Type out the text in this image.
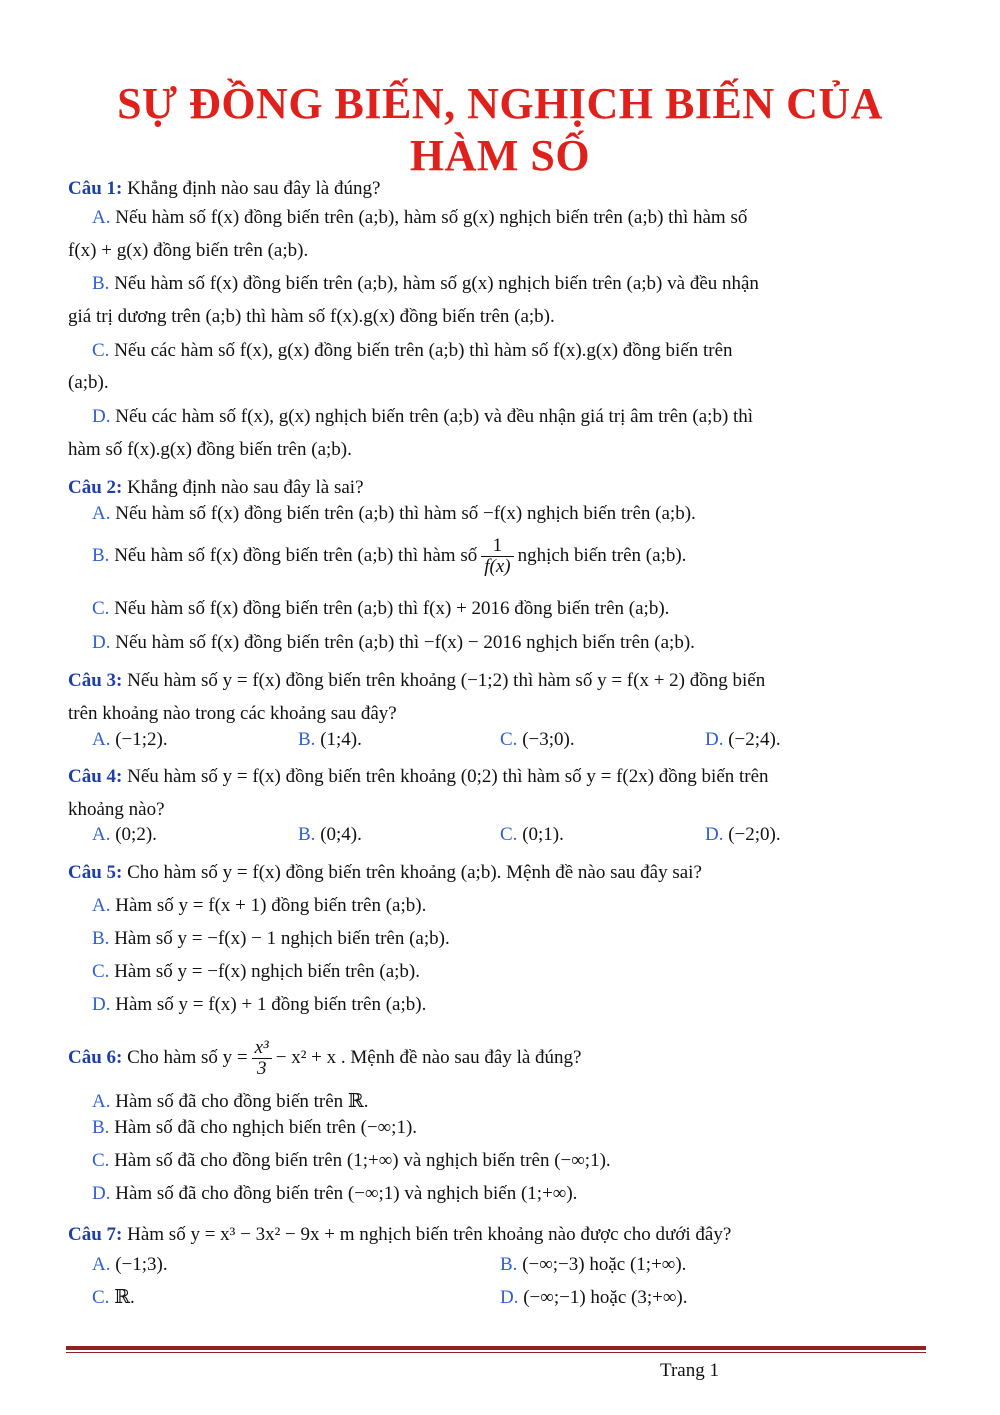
SỰ ĐỒNG BIẾN, NGHỊCH BIẾN CỦA
HÀM SỐ
Câu 1: Khẳng định nào sau đây là đúng?
A. Nếu hàm số f(x) đồng biến trên (a;b), hàm số g(x) nghịch biến trên (a;b) thì hàm số
f(x) + g(x) đồng biến trên (a;b).
B. Nếu hàm số f(x) đồng biến trên (a;b), hàm số g(x) nghịch biến trên (a;b) và đều nhận
giá trị dương trên (a;b) thì hàm số f(x).g(x) đồng biến trên (a;b).
C. Nếu các hàm số f(x), g(x) đồng biến trên (a;b) thì hàm số f(x).g(x) đồng biến trên
(a;b).
D. Nếu các hàm số f(x), g(x) nghịch biến trên (a;b) và đều nhận giá trị âm trên (a;b) thì
hàm số f(x).g(x) đồng biến trên (a;b).
Câu 2: Khẳng định nào sau đây là sai?
A. Nếu hàm số f(x) đồng biến trên (a;b) thì hàm số −f(x) nghịch biến trên (a;b).
B. Nếu hàm số f(x) đồng biến trên (a;b) thì hàm số $\frac{1}{f(x)}$ nghịch biến trên (a;b).
C. Nếu hàm số f(x) đồng biến trên (a;b) thì f(x) + 2016 đồng biến trên (a;b).
D. Nếu hàm số f(x) đồng biến trên (a;b) thì −f(x) − 2016 nghịch biến trên (a;b).
Câu 3: Nếu hàm số y = f(x) đồng biến trên khoảng (−1;2) thì hàm số y = f(x + 2) đồng biến
trên khoảng nào trong các khoảng sau đây?
A. (−1;2).	B. (1;4).	C. (−3;0).	D. (−2;4).
Câu 4: Nếu hàm số y = f(x) đồng biến trên khoảng (0;2) thì hàm số y = f(2x) đồng biến trên
khoảng nào?
A. (0;2).	B. (0;4).	C. (0;1).	D. (−2;0).
Câu 5: Cho hàm số y = f(x) đồng biến trên khoảng (a;b). Mệnh đề nào sau đây sai?
A. Hàm số y = f(x + 1) đồng biến trên (a;b).
B. Hàm số y = −f(x) − 1 nghịch biến trên (a;b).
C. Hàm số y = −f(x) nghịch biến trên (a;b).
D. Hàm số y = f(x) + 1 đồng biến trên (a;b).
Câu 6: Cho hàm số $y = \frac{\text{x³}}{3} - x^2 + x$ . Mệnh đề nào sau đây là đúng?
A. Hàm số đã cho đồng biến trên ℝ.
B. Hàm số đã cho nghịch biến trên (−∞;1).
C. Hàm số đã cho đồng biến trên (1;+∞) và nghịch biến trên (−∞;1).
D. Hàm số đã cho đồng biến trên (−∞;1) và nghịch biến (1;+∞).
Câu 7: Hàm số y = x³ − 3x² − 9x + m nghịch biến trên khoảng nào được cho dưới đây?
A. (−1;3).	B. (−∞;−3) hoặc (1;+∞).
C. ℝ.	D. (−∞;−1) hoặc (3;+∞).
Trang 1
